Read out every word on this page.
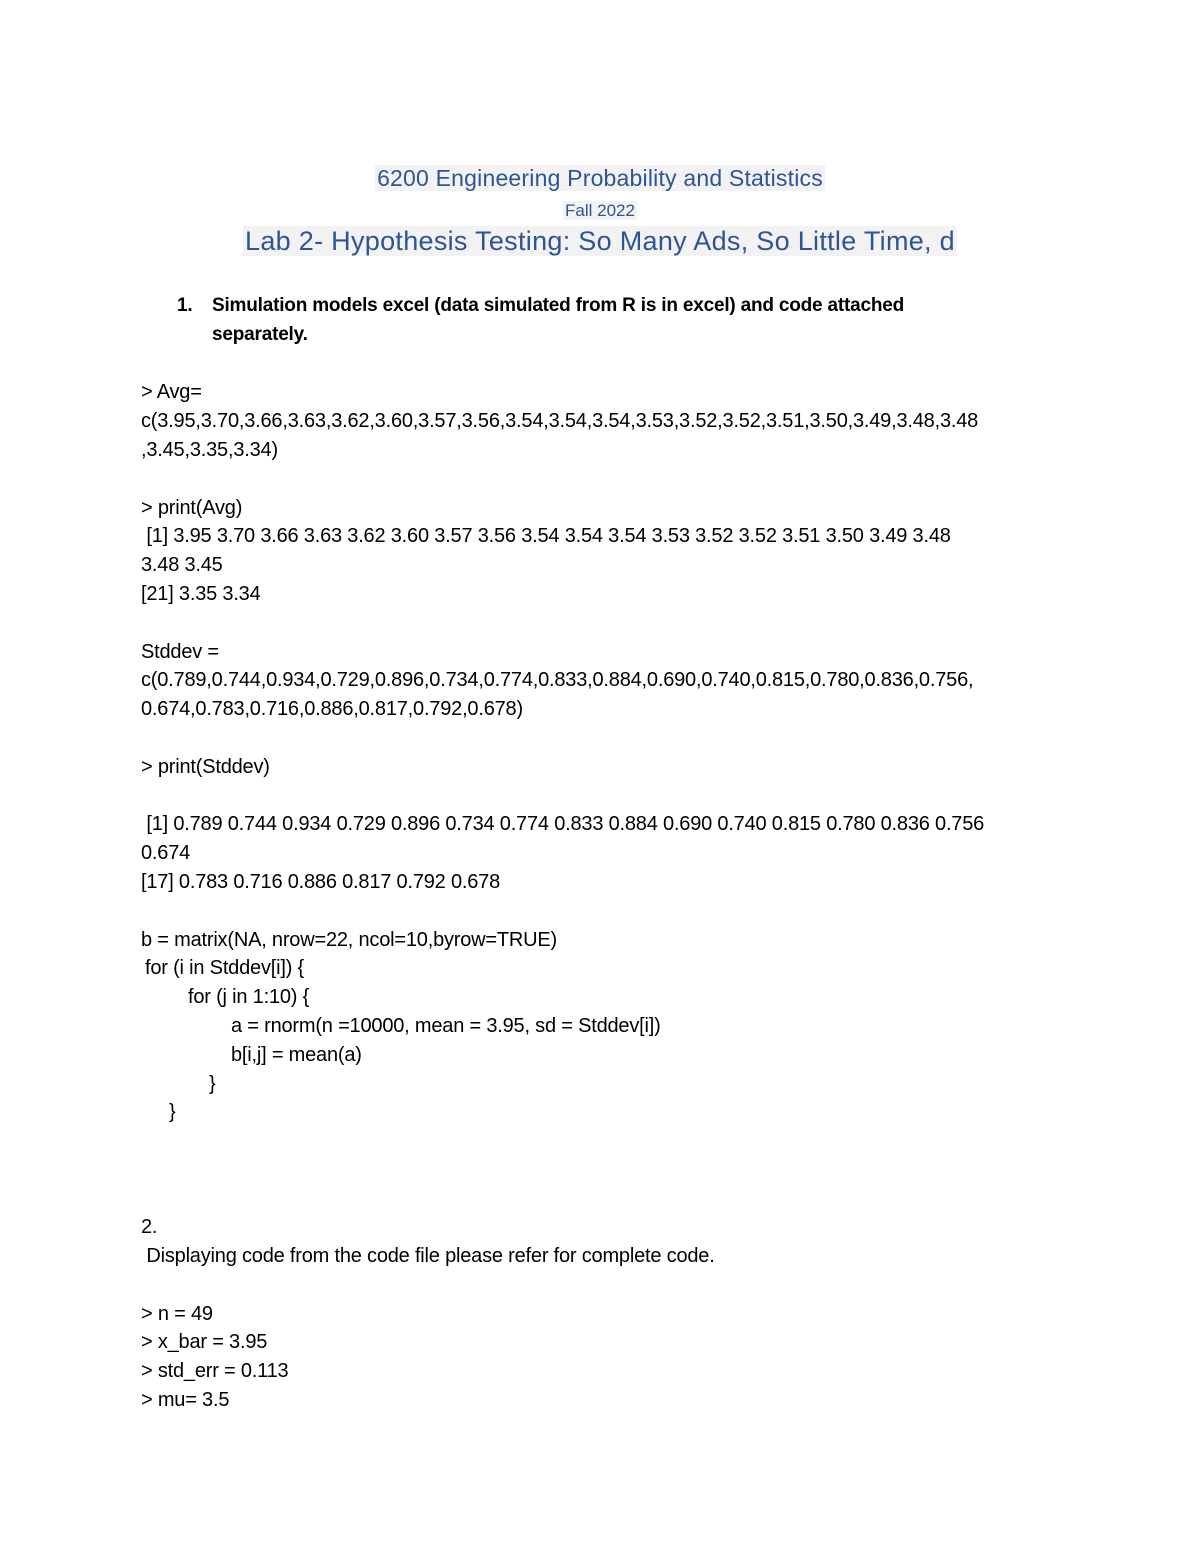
6200 Engineering Probability and Statistics
Fall 2022
Lab 2- Hypothesis Testing: So Many Ads, So Little Time, d
1.	Simulation models excel (data simulated from R is in excel) and code attached separately.
> Avg=
c(3.95,3.70,3.66,3.63,3.62,3.60,3.57,3.56,3.54,3.54,3.54,3.53,3.52,3.52,3.51,3.50,3.49,3.48,3.48
,3.45,3.35,3.34)
> print(Avg)
[1] 3.95 3.70 3.66 3.63 3.62 3.60 3.57 3.56 3.54 3.54 3.54 3.53 3.52 3.52 3.51 3.50 3.49 3.48
3.48 3.45
[21] 3.35 3.34
Stddev =
c(0.789,0.744,0.934,0.729,0.896,0.734,0.774,0.833,0.884,0.690,0.740,0.815,0.780,0.836,0.756,
0.674,0.783,0.716,0.886,0.817,0.792,0.678)
> print(Stddev)
[1] 0.789 0.744 0.934 0.729 0.896 0.734 0.774 0.833 0.884 0.690 0.740 0.815 0.780 0.836 0.756
0.674
[17] 0.783 0.716 0.886 0.817 0.792 0.678
b = matrix(NA, nrow=22, ncol=10,byrow=TRUE)
for (i in Stddev[i]) {
for (j in 1:10) {
a = rnorm(n =10000, mean = 3.95, sd = Stddev[i])
b[i,j] = mean(a)
}
}
2.
Displaying code from the code file please refer for complete code.
> n = 49
> x_bar = 3.95
> std_err = 0.113
> mu= 3.5
